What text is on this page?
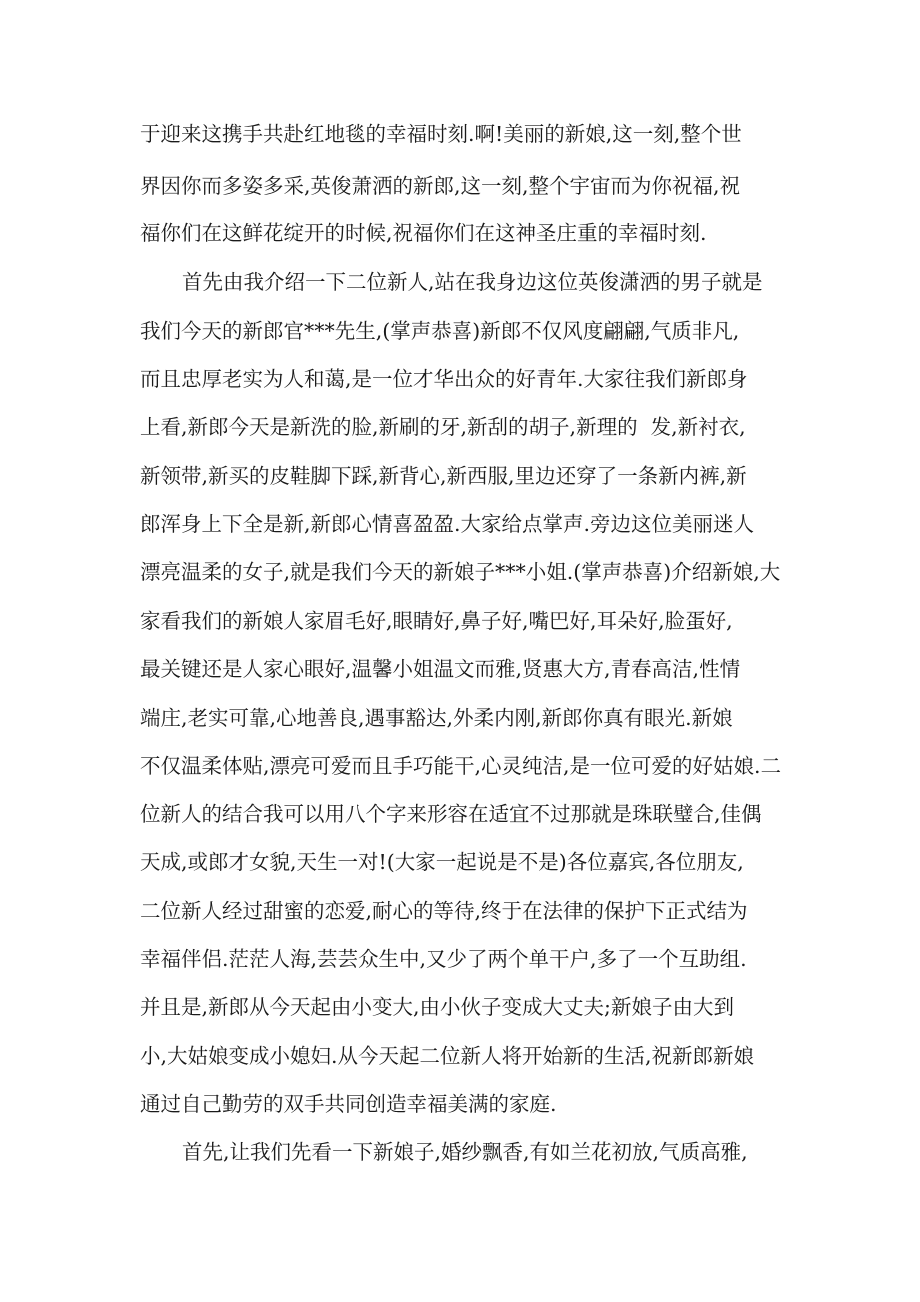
于迎来这携手共赴红地毯的幸福时刻.啊!美丽的新娘,这一刻,整个世

界因你而多姿多采,英俊萧洒的新郎,这一刻,整个宇宙而为你祝福,祝

福你们在这鲜花绽开的时候,祝福你们在这神圣庄重的幸福时刻.

首先由我介绍一下二位新人,站在我身边这位英俊潇洒的男子就是

我们今天的新郎官***先生,(掌声恭喜)新郎不仅风度翩翩,气质非凡,

而且忠厚老实为人和蔼,是一位才华出众的好青年.大家往我们新郎身

上看,新郎今天是新洗的脸,新刷的牙,新刮的胡子,新理的  发,新衬衣,

新领带,新买的皮鞋脚下踩,新背心,新西服,里边还穿了一条新内裤,新

郎浑身上下全是新,新郎心情喜盈盈.大家给点掌声.旁边这位美丽迷人

漂亮温柔的女子,就是我们今天的新娘子***小姐.(掌声恭喜)介绍新娘,大

家看我们的新娘人家眉毛好,眼睛好,鼻子好,嘴巴好,耳朵好,脸蛋好,

最关键还是人家心眼好,温馨小姐温文而雅,贤惠大方,青春高洁,性情

端庄,老实可靠,心地善良,遇事豁达,外柔内刚,新郎你真有眼光.新娘

不仅温柔体贴,漂亮可爱而且手巧能干,心灵纯洁,是一位可爱的好姑娘.二

位新人的结合我可以用八个字来形容在适宜不过那就是珠联璧合,佳偶

天成,或郎才女貌,天生一对!(大家一起说是不是)各位嘉宾,各位朋友,

二位新人经过甜蜜的恋爱,耐心的等待,终于在法律的保护下正式结为

幸福伴侣.茫茫人海,芸芸众生中,又少了两个单干户,多了一个互助组.

并且是,新郎从今天起由小变大,由小伙子变成大丈夫;新娘子由大到

小,大姑娘变成小媳妇.从今天起二位新人将开始新的生活,祝新郎新娘

通过自己勤劳的双手共同创造幸福美满的家庭.

首先,让我们先看一下新娘子,婚纱飘香,有如兰花初放,气质高雅,
